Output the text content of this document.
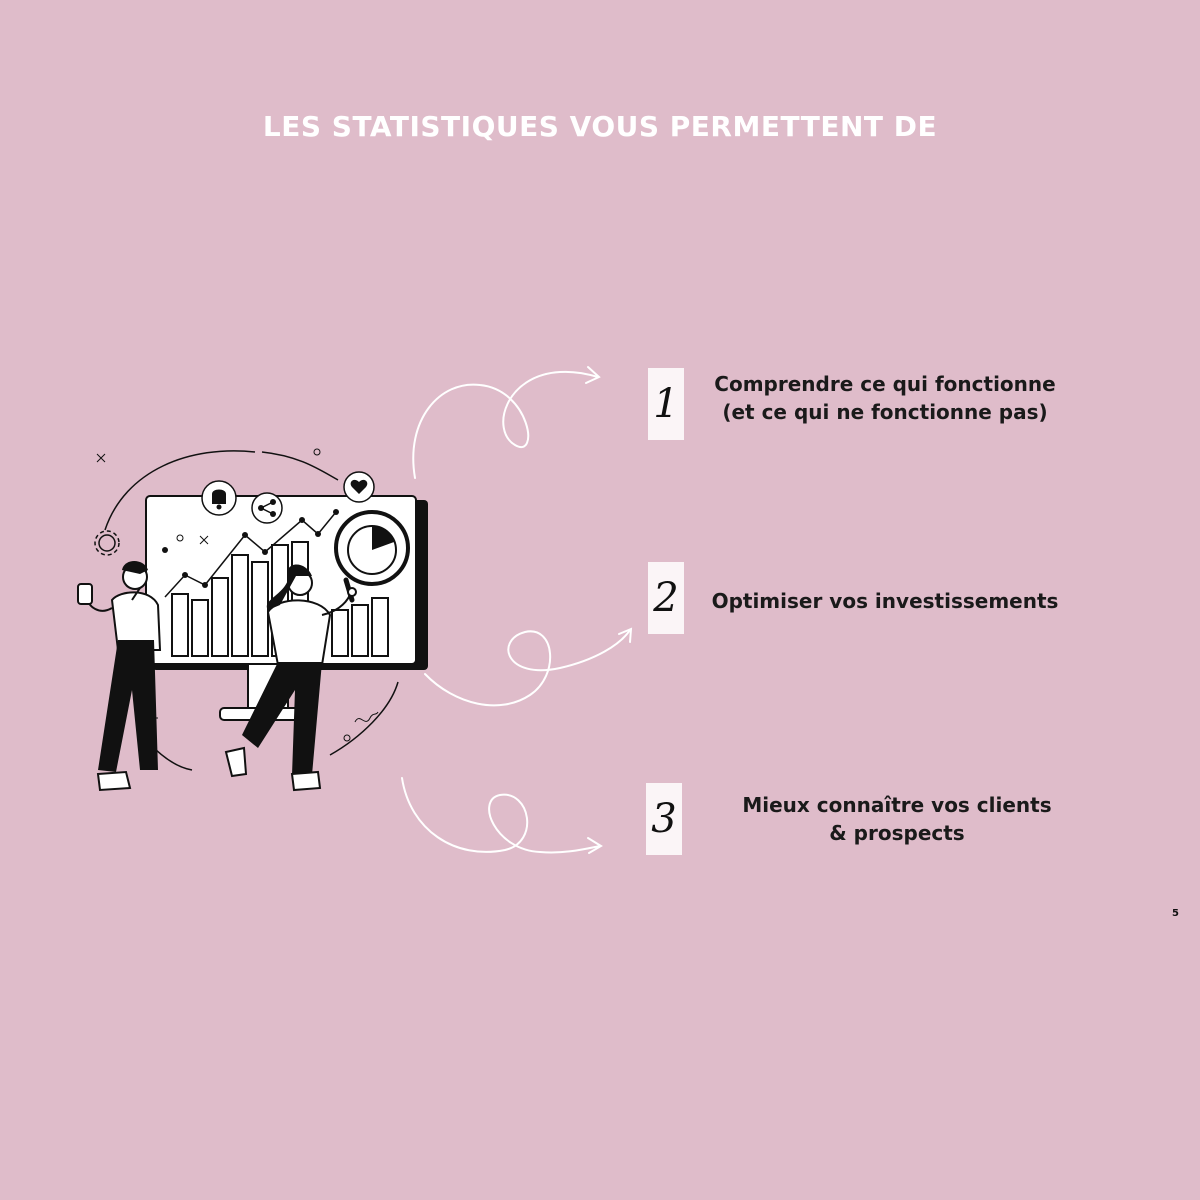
LES STATISTIQUES VOUS PERMETTENT DE
1	Comprendre ce qui fonctionne
(et ce qui ne fonctionne pas)
2	Optimiser vos investissements
3	Mieux connaître vos clients
& prospects
5
